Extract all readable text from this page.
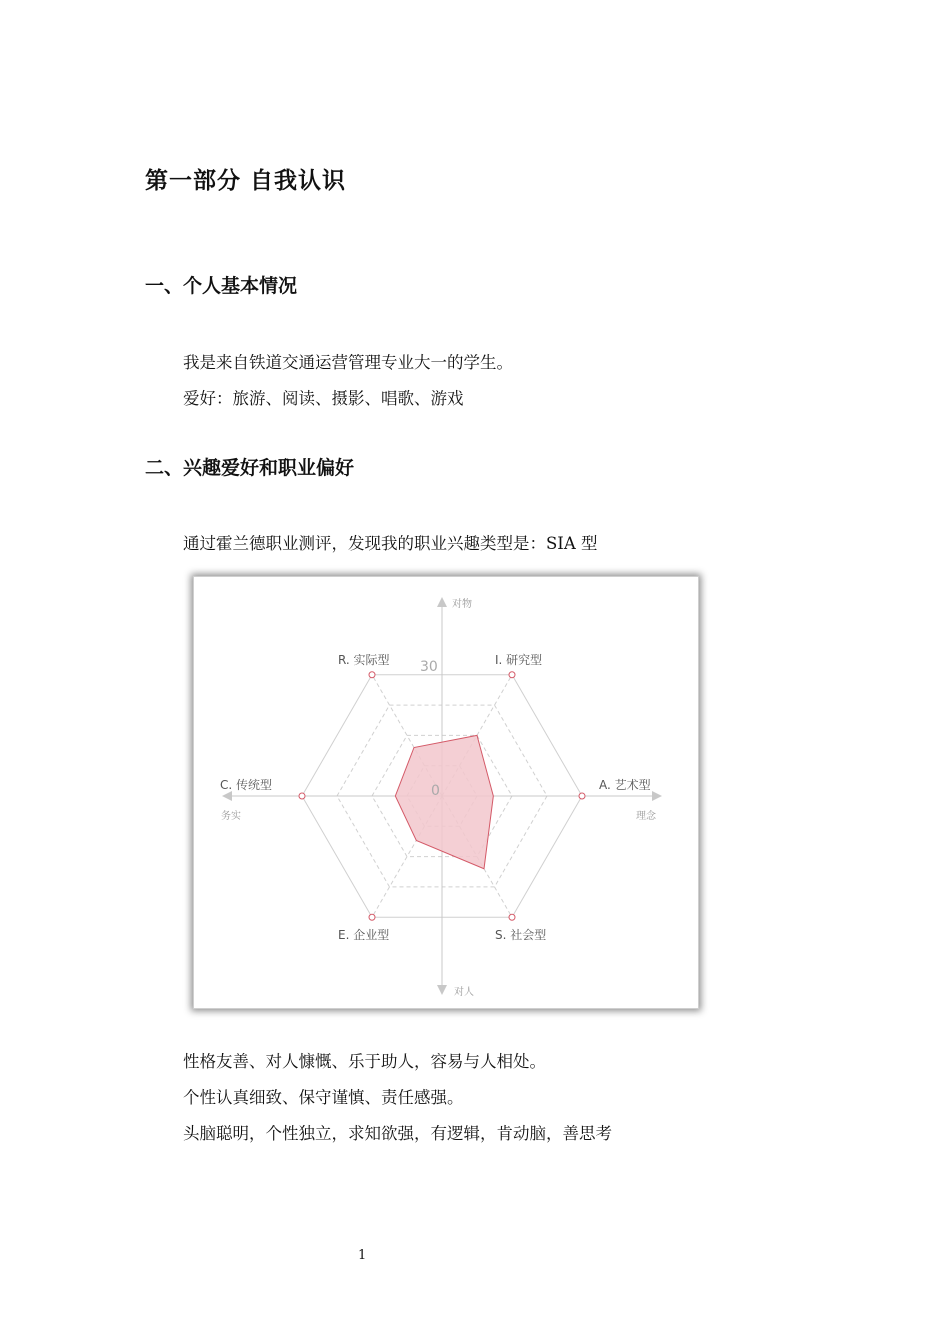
第一部分 自我认识
一、个人基本情况
我是来自铁道交通运营管理专业大一的学生。
爱好：旅游、阅读、摄影、唱歌、游戏
二、兴趣爱好和职业偏好
通过霍兰德职业测评，发现我的职业兴趣类型是：SIA 型
I. 研究型
A. 艺术型
S. 社会型
E. 企业型
C. 传统型
R. 实际型 30
0
对物
对人
务实	理念
性格友善、对人慷慨、乐于助人，容易与人相处。
个性认真细致、保守谨慎、责任感强。
头脑聪明，个性独立，求知欲强，有逻辑，肯动脑，善思考
1
